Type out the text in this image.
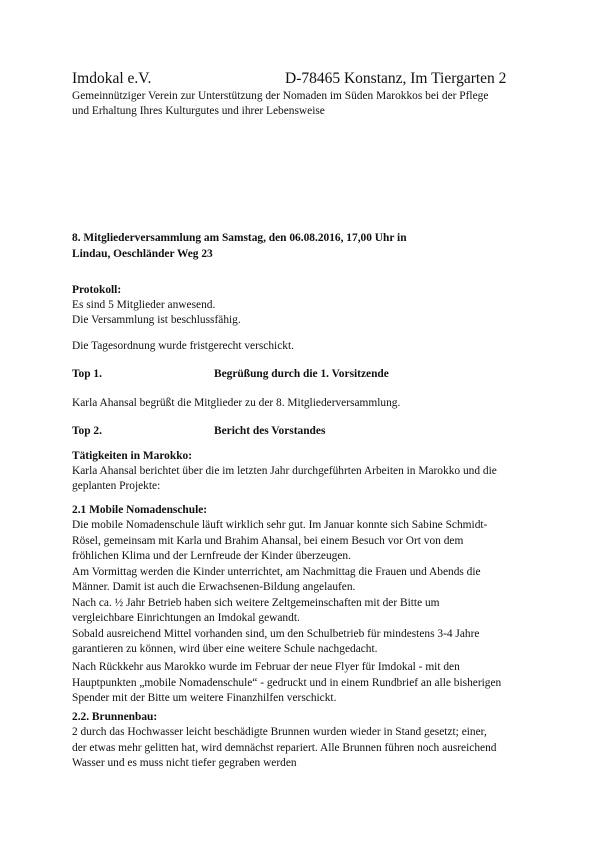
Imdokal e.V.	D-78465 Konstanz, Im Tiergarten 2
Gemeinnütziger Verein zur Unterstützung der Nomaden im Süden Marokkos bei der Pflege
und Erhaltung Ihres Kulturgutes und ihrer Lebensweise
8. Mitgliederversammlung am Samstag, den 06.08.2016, 17,00 Uhr in
Lindau, Oeschländer Weg 23
Protokoll:
Es sind 5 Mitglieder anwesend.
Die Versammlung ist beschlussfähig.
Die Tagesordnung wurde fristgerecht verschickt.
Top 1.	Begrüßung durch die 1. Vorsitzende
Karla Ahansal begrüßt die Mitglieder zu der 8. Mitgliederversammlung.
Top 2.	Bericht des Vorstandes
Tätigkeiten in Marokko:
Karla Ahansal berichtet über die im letzten Jahr durchgeführten Arbeiten in Marokko und die
geplanten Projekte:
2.1 Mobile Nomadenschule:
Die mobile Nomadenschule läuft wirklich sehr gut. Im Januar konnte sich Sabine Schmidt-
Rösel, gemeinsam mit Karla und Brahim Ahansal, bei einem Besuch vor Ort von dem
fröhlichen Klima und der Lernfreude der Kinder überzeugen.
Am Vormittag werden die Kinder unterrichtet, am Nachmittag die Frauen und Abends die
Männer. Damit ist auch die Erwachsenen-Bildung angelaufen.
Nach ca. ½ Jahr Betrieb haben sich weitere Zeltgemeinschaften mit der Bitte um
vergleichbare Einrichtungen an Imdokal gewandt.
Sobald ausreichend Mittel vorhanden sind, um den Schulbetrieb für mindestens 3-4 Jahre
garantieren zu können, wird über eine weitere Schule nachgedacht.
Nach Rückkehr aus Marokko wurde im Februar der neue Flyer für Imdokal - mit den
Hauptpunkten „mobile Nomadenschule“ - gedruckt und in einem Rundbrief an alle bisherigen
Spender mit der Bitte um weitere Finanzhilfen verschickt.
2.2. Brunnenbau:
2 durch das Hochwasser leicht beschädigte Brunnen wurden wieder in Stand gesetzt; einer,
der etwas mehr gelitten hat, wird demnächst repariert. Alle Brunnen führen noch ausreichend
Wasser und es muss nicht tiefer gegraben werden
